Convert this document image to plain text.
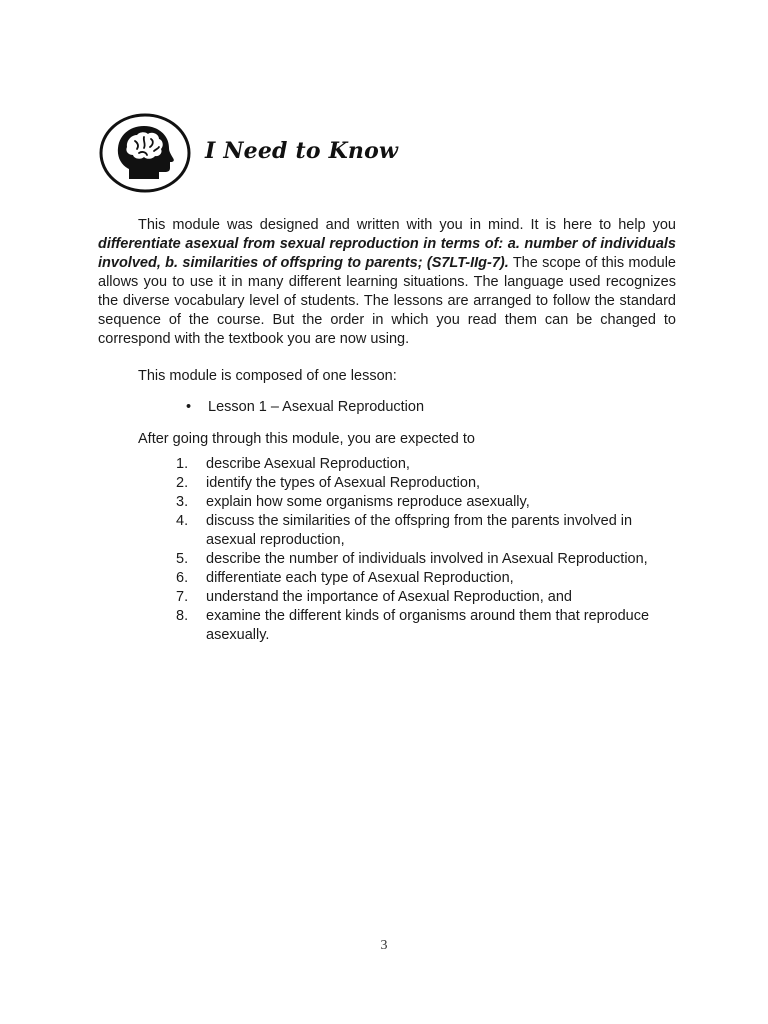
I Need to Know

This module was designed and written with you in mind. It is here to help you differentiate asexual from sexual reproduction in terms of: a. number of individuals involved, b. similarities of offspring to parents; (S7LT-IIg-7). The scope of this module allows you to use it in many different learning situations. The language used recognizes the diverse vocabulary level of students. The lessons are arranged to follow the standard sequence of the course. But the order in which you read them can be changed to correspond with the textbook you are now using.

This module is composed of one lesson:
• Lesson 1 – Asexual Reproduction
After going through this module, you are expected to
1. describe Asexual Reproduction,
2. identify the types of Asexual Reproduction,
3. explain how some organisms reproduce asexually,
4. discuss the similarities of the offspring from the parents involved in asexual reproduction,
5. describe the number of individuals involved in Asexual Reproduction,
6. differentiate each type of Asexual Reproduction,
7. understand the importance of Asexual Reproduction, and
8. examine the different kinds of organisms around them that reproduce asexually.
3
